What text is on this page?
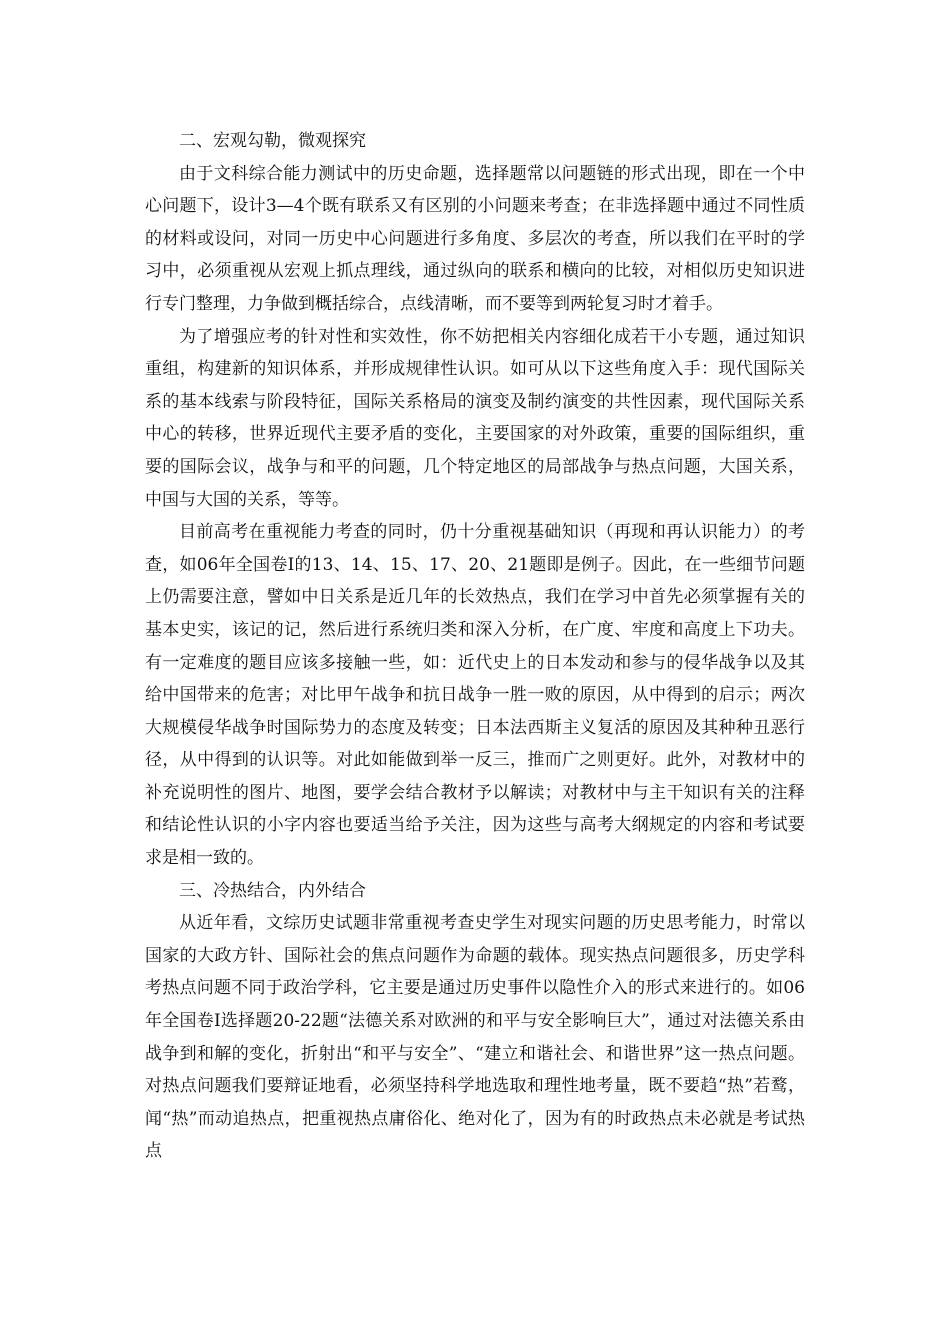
二、宏观勾勒，微观探究

由于文科综合能力测试中的历史命题，选择题常以问题链的形式出现，即在一个中心问题下，设计3—4个既有联系又有区别的小问题来考查；在非选择题中通过不同性质的材料或设问，对同一历史中心问题进行多角度、多层次的考查，所以我们在平时的学习中，必须重视从宏观上抓点理线，通过纵向的联系和横向的比较，对相似历史知识进行专门整理，力争做到概括综合，点线清晰，而不要等到两轮复习时才着手。

为了增强应考的针对性和实效性，你不妨把相关内容细化成若干小专题，通过知识重组，构建新的知识体系，并形成规律性认识。如可从以下这些角度入手：现代国际关系的基本线索与阶段特征，国际关系格局的演变及制约演变的共性因素，现代国际关系中心的转移，世界近现代主要矛盾的变化，主要国家的对外政策，重要的国际组织，重要的国际会议，战争与和平的问题，几个特定地区的局部战争与热点问题，大国关系，中国与大国的关系，等等。

目前高考在重视能力考查的同时，仍十分重视基础知识（再现和再认识能力）的考查，如06年全国卷Ⅰ的13、14、15、17、20、21题即是例子。因此，在一些细节问题上仍需要注意，譬如中日关系是近几年的长效热点，我们在学习中首先必须掌握有关的基本史实，该记的记，然后进行系统归类和深入分析，在广度、牢度和高度上下功夫。有一定难度的题目应该多接触一些，如：近代史上的日本发动和参与的侵华战争以及其给中国带来的危害；对比甲午战争和抗日战争一胜一败的原因，从中得到的启示；两次大规模侵华战争时国际势力的态度及转变；日本法西斯主义复活的原因及其种种丑恶行径，从中得到的认识等。对此如能做到举一反三，推而广之则更好。此外，对教材中的补充说明性的图片、地图，要学会结合教材予以解读；对教材中与主干知识有关的注释和结论性认识的小字内容也要适当给予关注，因为这些与高考大纲规定的内容和考试要求是相一致的。

三、冷热结合，内外结合

从近年看，文综历史试题非常重视考查史学生对现实问题的历史思考能力，时常以国家的大政方针、国际社会的焦点问题作为命题的载体。现实热点问题很多，历史学科考热点问题不同于政治学科，它主要是通过历史事件以隐性介入的形式来进行的。如06年全国卷Ⅰ选择题20-22题“法德关系对欧洲的和平与安全影响巨大”，通过对法德关系由战争到和解的变化，折射出“和平与安全”、“建立和谐社会、和谐世界”这一热点问题。对热点问题我们要辩证地看，必须坚持科学地选取和理性地考量，既不要趋“热”若鹜，闻“热”而动追热点，把重视热点庸俗化、绝对化了，因为有的时政热点未必就是考试热点
